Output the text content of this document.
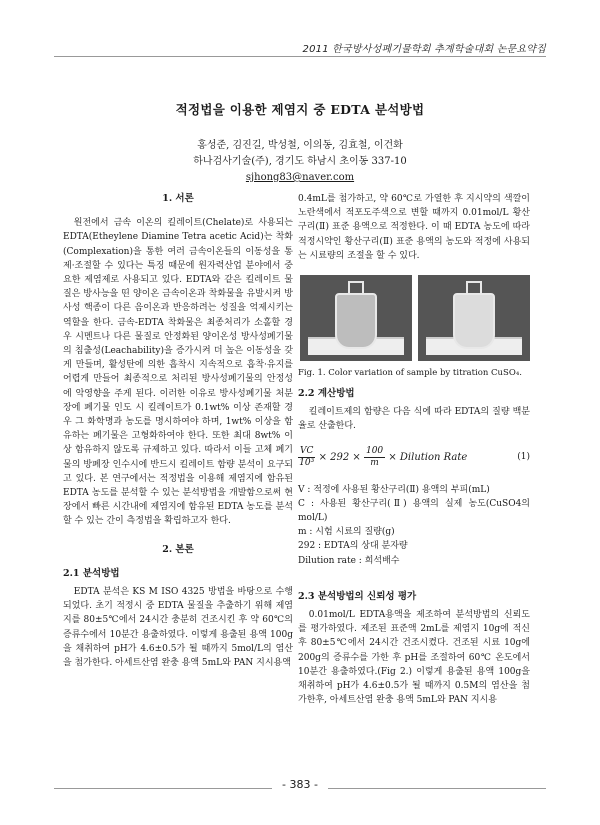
2011 한국방사성폐기물학회 추계학술대회 논문요약집
적정법을 이용한 제염지 중 EDTA 분석방법
홍성준, 김진길, 박성철, 이의동, 김효철, 이건화
하나검사기술(주), 경기도 하남시 초이동 337-10
sjhong83@naver.com
1. 서론

원전에서 금속 이온의 킬레이트(Chelate)로 사용되는 EDTA(Etheylene Diamine Tetra acetic Acid)는 착화(Complexation)을 통한 여러 금속이온들의 이동성을 통제·조절할 수 있다는 특징 때문에 원자력산업 분야에서 중요한 제염제로 사용되고 있다. EDTA와 같은 킬레이트 물질은 방사능을 띤 양이온 금속이온과 착화물을 유발시켜 방사성 핵종이 다른 음이온과 반응하려는 성질을 억제시키는 역할을 한다. 금속-EDTA 착화물은 최종처리가 소홀할 경우 시멘트나 다른 물질로 안정화된 양이온성 방사성폐기물의 침출성(Leachability)을 증가시켜 더 높은 이동성을 갖게 만들며, 활성탄에 의한 흡착시 지속적으로 흡착·유지를 어렵게 만들어 최종적으로 처리된 방사성폐기물의 안정성에 악영향을 주게 된다. 이러한 이유로 방사성폐기물 처분장에 폐기물 인도 시 킬레이트가 0.1wt% 이상 존재할 경우 그 화학명과 농도를 명시하여야 하며, 1wt% 이상을 함유하는 폐기물은 고형화하여야 한다. 또한 최대 8wt% 이상 함유하지 않도록 규제하고 있다. 따라서 이들 고체 폐기물의 방폐장 인수시에 반드시 킬레이트 함량 분석이 요구되고 있다. 본 연구에서는 적정법을 이용해 제염지에 함유된 EDTA 농도를 분석할 수 있는 분석방법을 개발함으로써 현장에서 빠른 시간내에 제염지에 함유된 EDTA 농도를 분석할 수 있는 간이 측정법을 확립하고자 한다.

2. 본론
2.1 분석방법

EDTA 분석은 KS M ISO 4325 방법을 바탕으로 수행되었다. 초기 적정시 중 EDTA 물질을 추출하기 위해 제염지를 80±5℃에서 24시간 충분히 건조시킨 후 약 60℃의 증류수에서 10분간 용출하였다. 이렇게 용출된 용액 100g을 채취하여 pH가 4.6±0.5가 될 때까지 5mol/L의 염산을 첨가한다. 아세트산염 완충 용액 5mL와 PAN 지시용액

0.4mL를 첨가하고, 약 60℃로 가열한 후 지시약의 색깔이 노란색에서 적포도주색으로 변할 때까지 0.01mol/L 황산구리(Ⅱ) 표준 용액으로 적정한다. 이 때 EDTA 농도에 따라 적정시약인 황산구리(Ⅱ) 표준 용액의 농도와 적정에 사용되는 시료량의 조절을 할 수 있다.

Fig. 1. Color variation of sample by titration CuSO₄.

2.2 계산방법

킬레이트제의 함량은 다음 식에 따라 EDTA의 질량 백분율로 산출한다.

$\frac{VC}{\text{10³}} \times 292 \times \frac{100}{m}$ × Dilution Rate	(1)

V : 적정에 사용된 황산구리(Ⅱ) 용액의 부피(mL)

C : 사용된 황산구리(Ⅱ) 용액의 실제 농도(CuSO4의 mol/L)

m : 시험 시료의 질량(g)

292 : EDTA의 상대 분자량

Dilution rate : 희석배수

2.3 분석방법의 신뢰성 평가

0.01mol/L EDTA용액을 제조하여 분석방법의 신뢰도를 평가하였다. 제조된 표준액 2mL를 제염지 10g에 적신 후 80±5℃에서 24시간 건조시켰다. 건조된 시료 10g에 200g의 증류수를 가한 후 pH를 조절하여 60℃ 온도에서 10분간 용출하였다.(Fig 2.) 이렇게 용출된 용액 100g을 채취하여 pH가 4.6±0.5가 될 때까지 0.5M의 염산을 첨가한후, 아세트산염 완충 용액 5mL와 PAN 지시용

- 383 -
